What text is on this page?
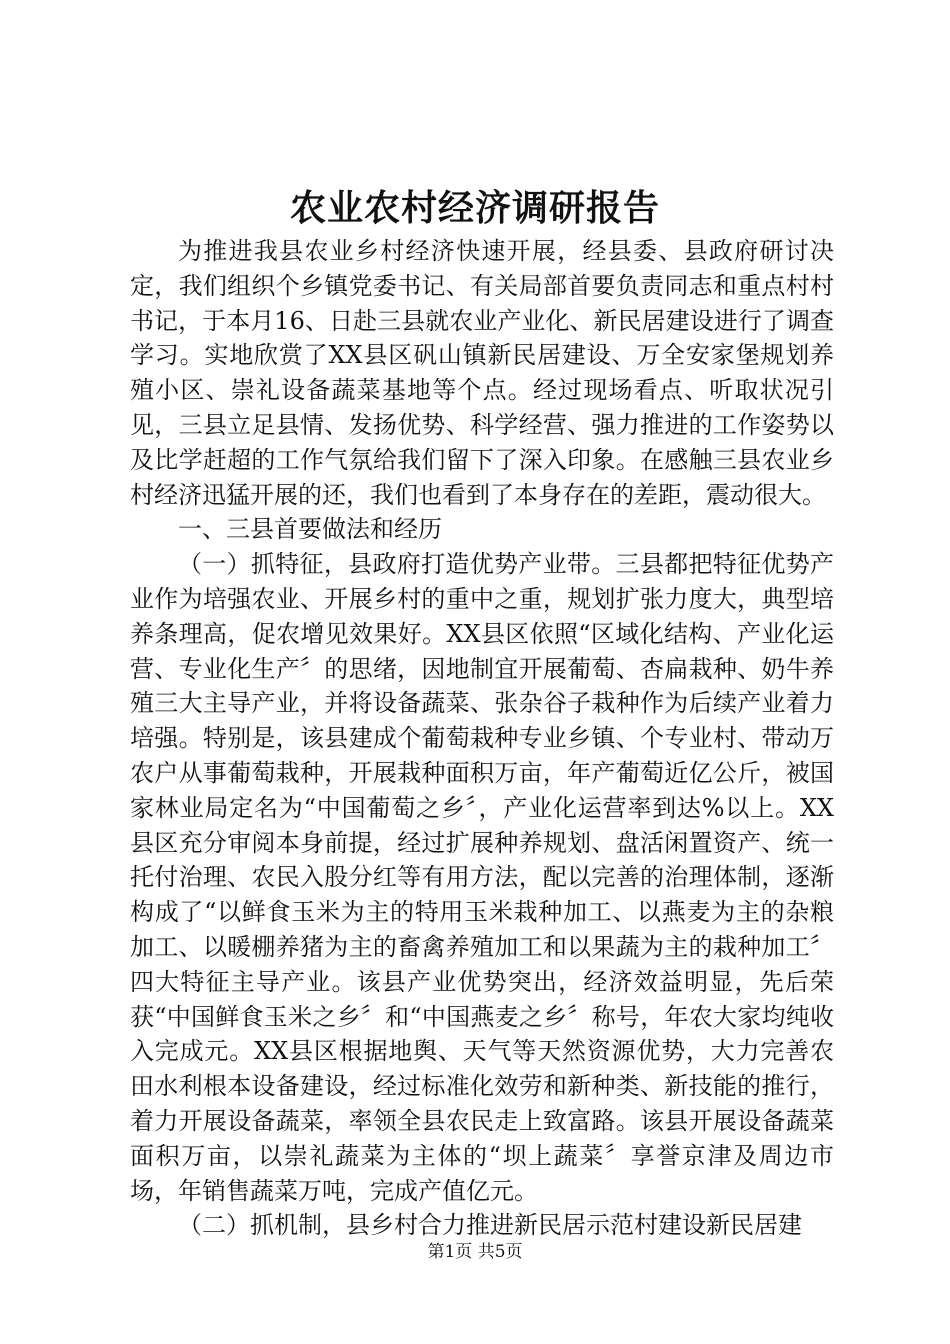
农业农村经济调研报告

为推进我县农业乡村经济快速开展，经县委、县政府研讨决定，我们组织个乡镇党委书记、有关局部首要负责同志和重点村村书记，于本月16、日赴三县就农业产业化、新民居建设进行了调查学习。实地欣赏了XX县区矾山镇新民居建设、万全安家堡规划养殖小区、崇礼设备蔬菜基地等个点。经过现场看点、听取状况引见，三县立足县情、发扬优势、科学经营、强力推进的工作姿势以及比学赶超的工作气氛给我们留下了深入印象。在感触三县农业乡村经济迅猛开展的还，我们也看到了本身存在的差距，震动很大。

一、三县首要做法和经历

（一）抓特征，县政府打造优势产业带。三县都把特征优势产业作为培强农业、开展乡村的重中之重，规划扩张力度大，典型培养条理高，促农增见效果好。XX县区依照“区域化结构、产业化运营、专业化生产〞的思绪，因地制宜开展葡萄、杏扁栽种、奶牛养殖三大主导产业，并将设备蔬菜、张杂谷子栽种作为后续产业着力培强。特别是，该县建成个葡萄栽种专业乡镇、个专业村、带动万农户从事葡萄栽种，开展栽种面积万亩，年产葡萄近亿公斤，被国家林业局定名为“中国葡萄之乡〞，产业化运营率到达%以上。XX县区充分审阅本身前提，经过扩展种养规划、盘活闲置资产、统一托付治理、农民入股分红等有用方法，配以完善的治理体制，逐渐构成了“以鲜食玉米为主的特用玉米栽种加工、以燕麦为主的杂粮加工、以暖棚养猪为主的畜禽养殖加工和以果蔬为主的栽种加工〞四大特征主导产业。该县产业优势突出，经济效益明显，先后荣获“中国鲜食玉米之乡〞和“中国燕麦之乡〞称号，年农大家均纯收入完成元。XX县区根据地舆、天气等天然资源优势，大力完善农田水利根本设备建设，经过标准化效劳和新种类、新技能的推行，着力开展设备蔬菜，率领全县农民走上致富路。该县开展设备蔬菜面积万亩，以崇礼蔬菜为主体的“坝上蔬菜〞享誉京津及周边市场，年销售蔬菜万吨，完成产值亿元。

（二）抓机制，县乡村合力推进新民居示范村建设新民居建

第1页 共5页
